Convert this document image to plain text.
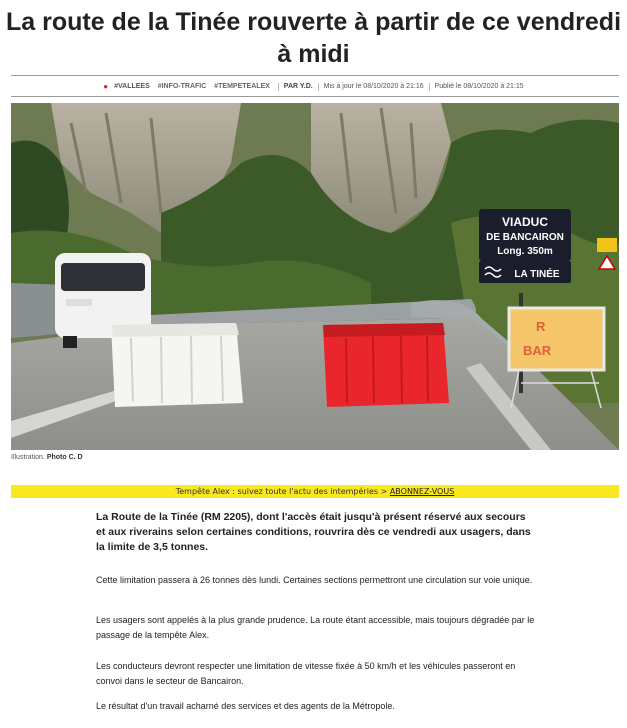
La route de la Tinée rouverte à partir de ce vendredi à midi
● #VALLEES #INFO-TRAFIC #TEMPETEALEX PAR Y.D. Mis à jour le 08/10/2020 à 21:16 Publié le 08/10/2020 à 21:15
VIADUC
DE BANCAIRON
Long. 350m
LA TINÉE
R
BAR
Illustration. Photo C. D
Tempête Alex : suivez toute l'actu des intempéries > ABONNEZ-VOUS
La Route de la Tinée (RM 2205), dont l'accès était jusqu'à présent réservé aux secours et aux riverains selon certaines conditions, rouvrira dès ce vendredi aux usagers, dans la limite de 3,5 tonnes.
Cette limitation passera à 26 tonnes dès lundi. Certaines sections permettront une circulation sur voie unique.
Les usagers sont appelés à la plus grande prudence. La route étant accessible, mais toujours dégradée par le passage de la tempête Alex.
Les conducteurs devront respecter une limitation de vitesse fixée à 50 km/h et les véhicules passeront en convoi dans le secteur de Bancairon.
Le résultat d'un travail acharné des services et des agents de la Métropole.
